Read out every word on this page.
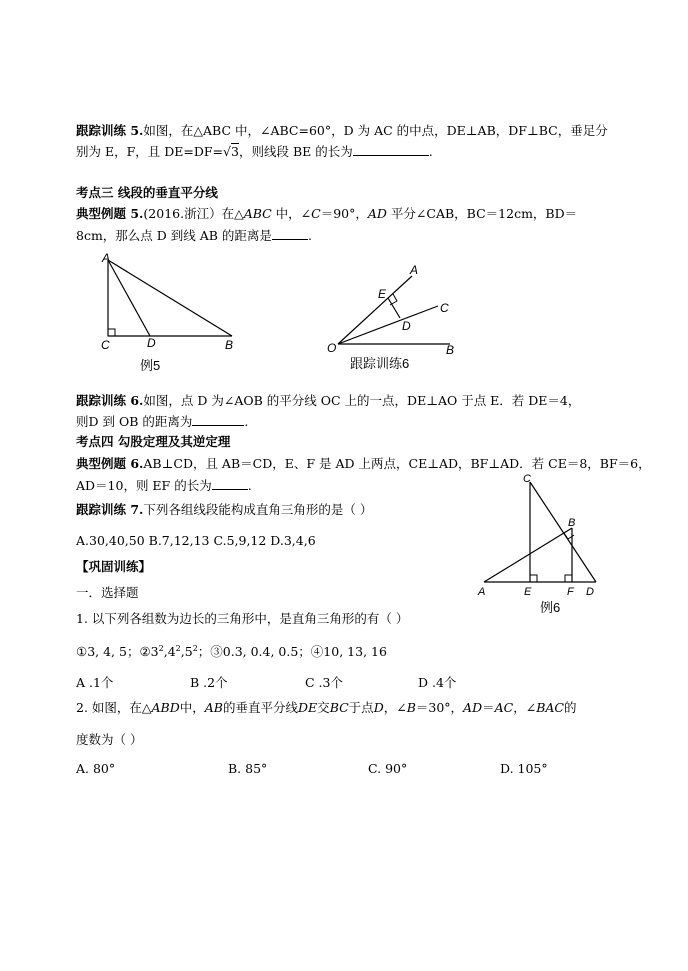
跟踪训练 5.如图，在△ABC 中，∠ABC=60°，D 为 AC 的中点，DE⊥AB，DF⊥BC，垂足分
别为 E，F，且 DE=DF=√3，则线段 BE 的长为	.
考点三 线段的垂直平分线
典型例题 5.(2016.浙江）在△ABC 中，∠C＝90°，AD 平分∠CAB，BC＝12cm，BD＝
8cm，那么点 D 到线 AB 的距离是	.
A
C	D	B
例5
A
E
C
D
O	B
跟踪训练6
跟踪训练 6.如图，点 D 为∠AOB 的平分线 OC 上的一点，DE⊥AO 于点 E．若 DE＝4，
则D 到 OB 的距离为	.
考点四 勾股定理及其逆定理
典型例题 6.AB⊥CD，且 AB＝CD，E、F 是 AD 上两点，CE⊥AD，BF⊥AD．若 CE＝8，BF＝6，
AD＝10，则 EF 的长为	.
跟踪训练 7.下列各组线段能构成直角三角形的是（ ）
A.30,40,50 B.7,12,13 C.5,9,12 D.3,4,6
C
B
A	E	F D
例6
【巩固训练】
一．选择题
1. 以下列各组数为边长的三角形中，是直角三角形的有（ ）
①3, 4, 5；$②3^2,4^2,5^2$；③0.3, 0.4, 0.5；④10, 13, 16
A .1个	B .2个	C .3个	D .4个
2. 如图，在△ABD中，AB的垂直平分线DE交BC于点D，∠B＝30°，AD＝AC，∠BAC的
度数为（ ）
A. 80°	B. 85°	C. 90°	D. 105°
